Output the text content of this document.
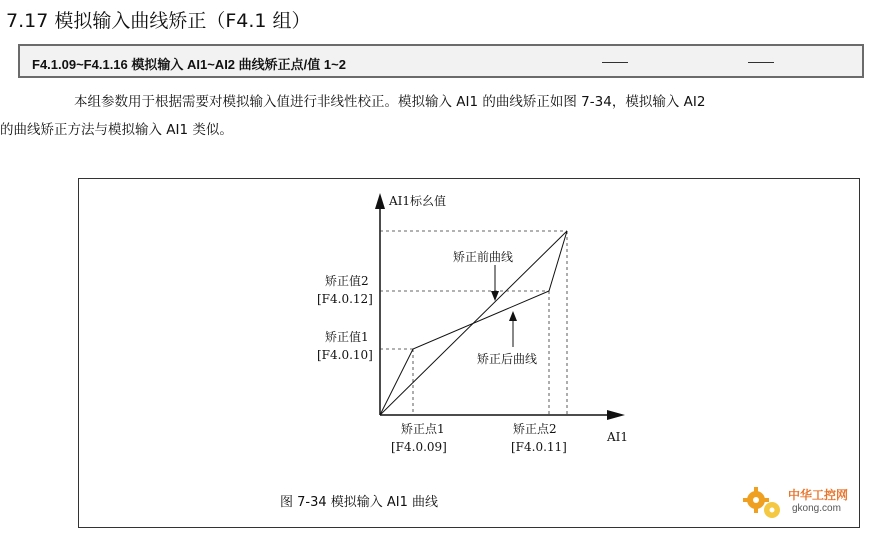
7.17 模拟输入曲线矫正（F4.1 组）
F4.1.09~F4.1.16 模拟输入 AI1~AI2 曲线矫正点/值 1~2	——	——
本组参数用于根据需要对模拟输入值进行非线性校正。模拟输入 AI1 的曲线矫正如图 7-34，模拟输入 AI2
的曲线矫正方法与模拟输入 AI1 类似。
AI1标幺值
AI1
矫正前曲线
矫正后曲线
矫正值2
[F4.0.12]
矫正值1
[F4.0.10]
矫正点1
[F4.0.09]
矫正点2
[F4.0.11]
图 7-34 模拟输入 AI1 曲线	中华工控网
gkong.com
